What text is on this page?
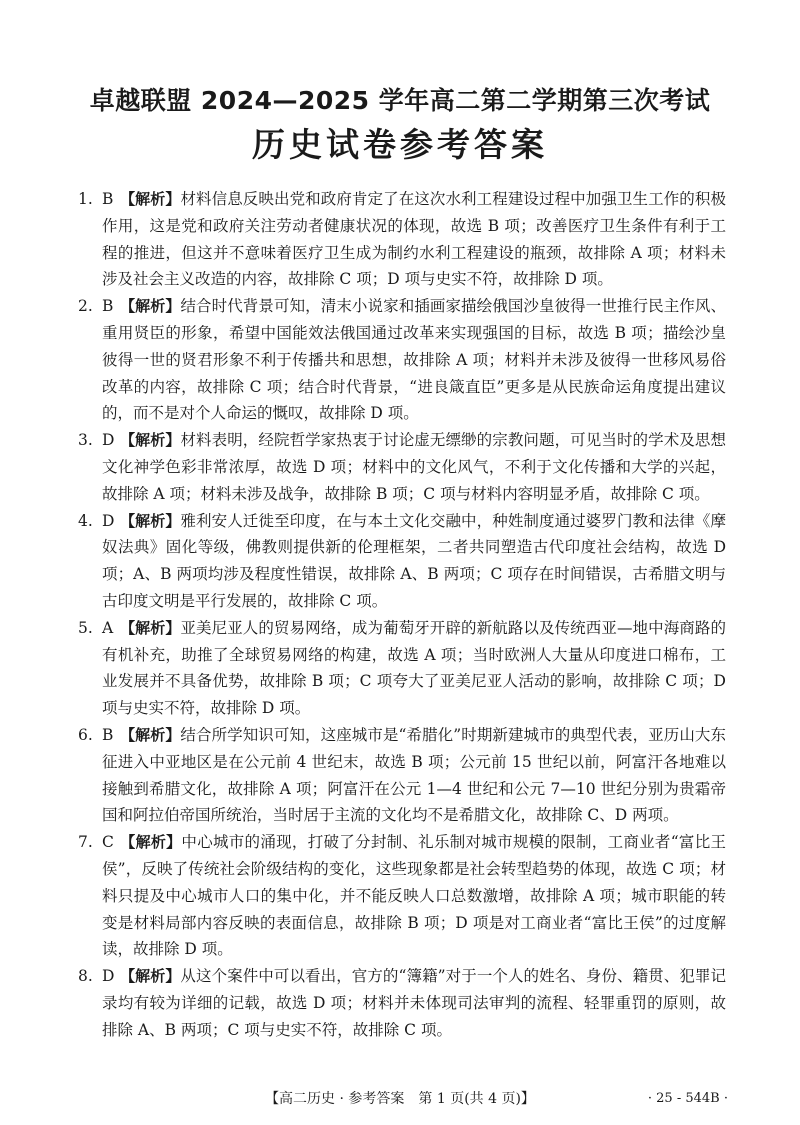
卓越联盟 2024—2025 学年高二第二学期第三次考试
历史试卷参考答案
1. B 【解析】材料信息反映出党和政府肯定了在这次水利工程建设过程中加强卫生工作的积极作用，这是党和政府关注劳动者健康状况的体现，故选 B 项；改善医疗卫生条件有利于工程的推进，但这并不意味着医疗卫生成为制约水利工程建设的瓶颈，故排除 A 项；材料未涉及社会主义改造的内容，故排除 C 项；D 项与史实不符，故排除 D 项。
2. B 【解析】结合时代背景可知，清末小说家和插画家描绘俄国沙皇彼得一世推行民主作风、重用贤臣的形象，希望中国能效法俄国通过改革来实现强国的目标，故选 B 项；描绘沙皇彼得一世的贤君形象不利于传播共和思想，故排除 A 项；材料并未涉及彼得一世移风易俗改革的内容，故排除 C 项；结合时代背景，“进良箴直臣”更多是从民族命运角度提出建议的，而不是对个人命运的慨叹，故排除 D 项。
3. D 【解析】材料表明，经院哲学家热衷于讨论虚无缥缈的宗教问题，可见当时的学术及思想文化神学色彩非常浓厚，故选 D 项；材料中的文化风气，不利于文化传播和大学的兴起，故排除 A 项；材料未涉及战争，故排除 B 项；C 项与材料内容明显矛盾，故排除 C 项。
4. D 【解析】雅利安人迁徙至印度，在与本土文化交融中，种姓制度通过婆罗门教和法律《摩奴法典》固化等级，佛教则提供新的伦理框架，二者共同塑造古代印度社会结构，故选 D 项；A、B 两项均涉及程度性错误，故排除 A、B 两项；C 项存在时间错误，古希腊文明与古印度文明是平行发展的，故排除 C 项。
5. A 【解析】亚美尼亚人的贸易网络，成为葡萄牙开辟的新航路以及传统西亚—地中海商路的有机补充，助推了全球贸易网络的构建，故选 A 项；当时欧洲人大量从印度进口棉布，工业发展并不具备优势，故排除 B 项；C 项夸大了亚美尼亚人活动的影响，故排除 C 项；D 项与史实不符，故排除 D 项。
6. B 【解析】结合所学知识可知，这座城市是“希腊化”时期新建城市的典型代表，亚历山大东征进入中亚地区是在公元前 4 世纪末，故选 B 项；公元前 15 世纪以前，阿富汗各地难以接触到希腊文化，故排除 A 项；阿富汗在公元 1—4 世纪和公元 7—10 世纪分别为贵霜帝国和阿拉伯帝国所统治，当时居于主流的文化均不是希腊文化，故排除 C、D 两项。
7. C 【解析】中心城市的涌现，打破了分封制、礼乐制对城市规模的限制，工商业者“富比王侯”，反映了传统社会阶级结构的变化，这些现象都是社会转型趋势的体现，故选 C 项；材料只提及中心城市人口的集中化，并不能反映人口总数激增，故排除 A 项；城市职能的转变是材料局部内容反映的表面信息，故排除 B 项；D 项是对工商业者“富比王侯”的过度解读，故排除 D 项。
8. D 【解析】从这个案件中可以看出，官方的“簿籍”对于一个人的姓名、身份、籍贯、犯罪记录均有较为详细的记载，故选 D 项；材料并未体现司法审判的流程、轻罪重罚的原则，故排除 A、B 两项；C 项与史实不符，故排除 C 项。
【高二历史 · 参考答案　第 1 页(共 4 页)】	· 25 - 544B ·
